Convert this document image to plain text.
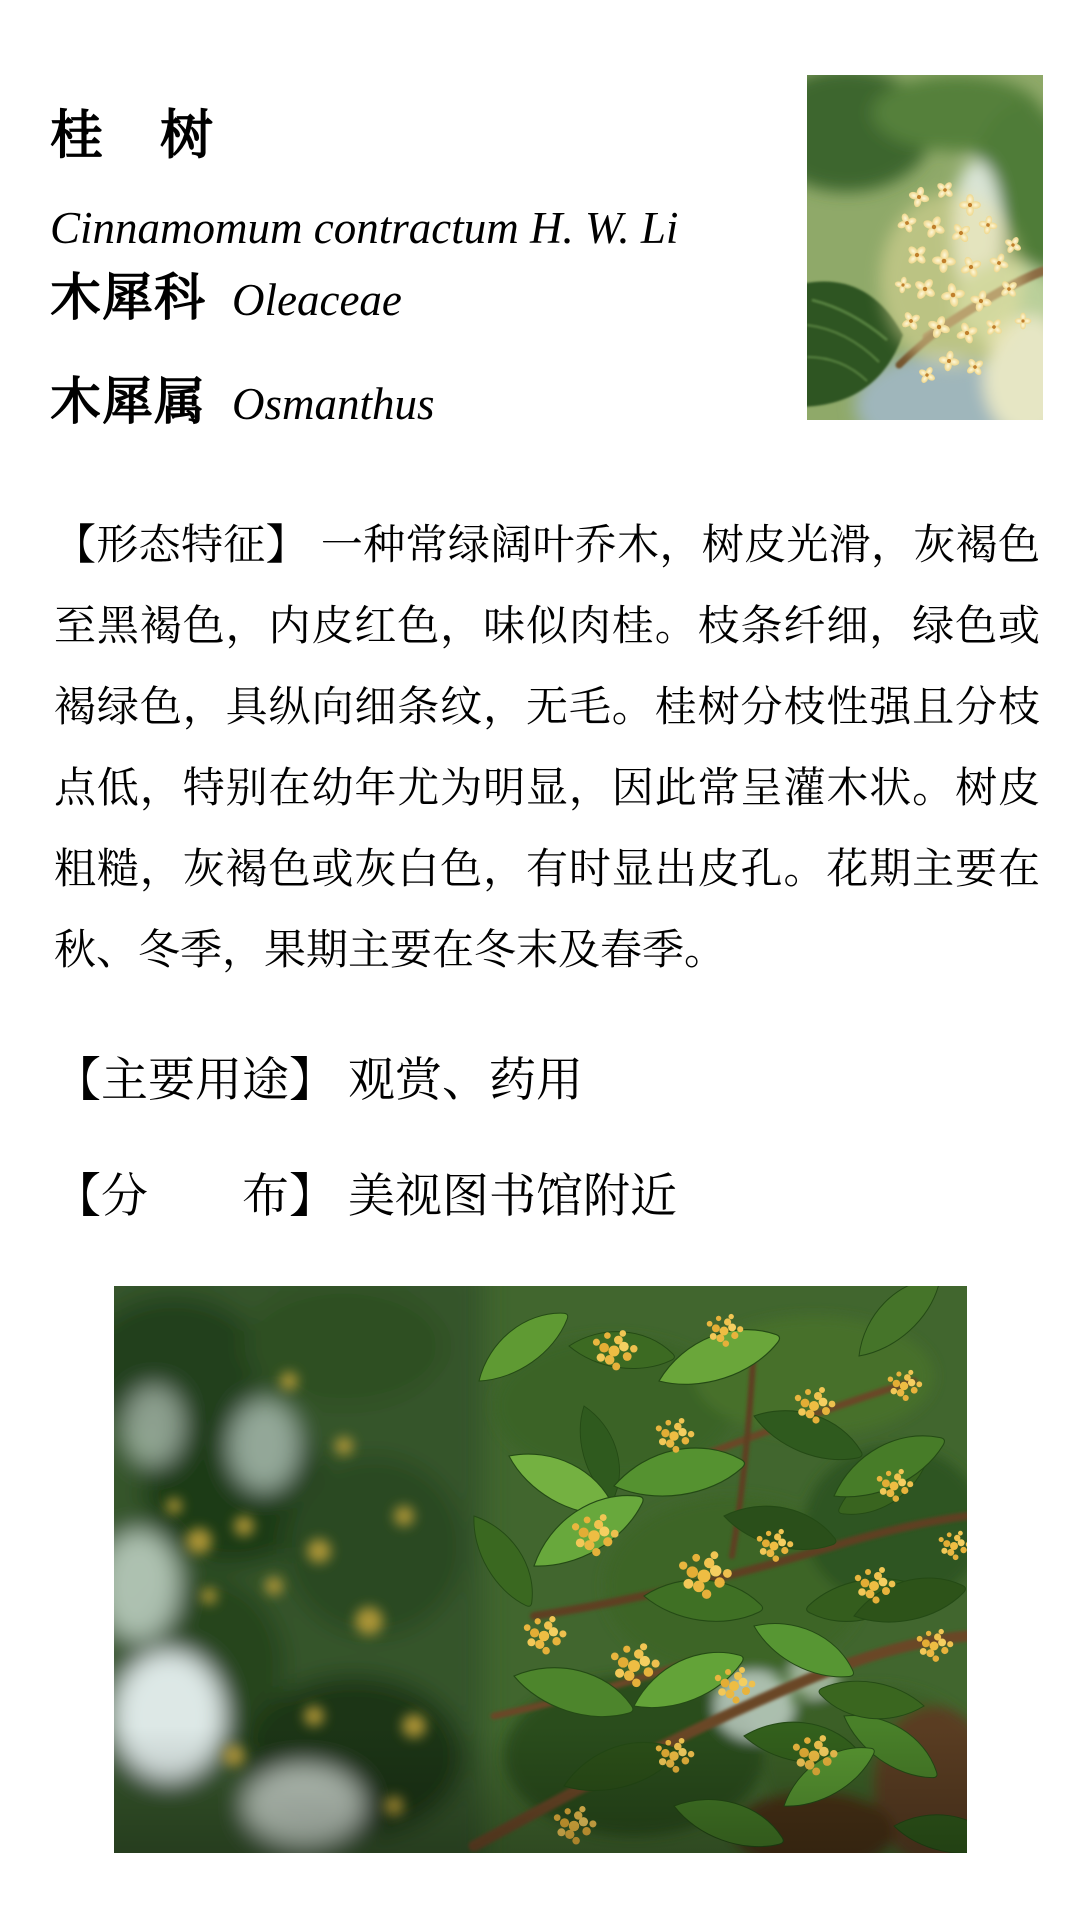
桂　树

Cinnamomum contractum H. W. Li

木犀科 Oleaceae
木犀属 Osmanthus

【形态特征】 一种常绿阔叶乔木，树皮光滑，灰褐色至黑褐色，内皮红色，味似肉桂。枝条纤细，绿色或褐绿色，具纵向细条纹，无毛。桂树分枝性强且分枝点低，特别在幼年尤为明显，因此常呈灌木状。树皮粗糙，灰褐色或灰白色，有时显出皮孔。花期主要在秋、冬季，果期主要在冬末及春季。

【主要用途】 观赏、药用
【分　　布】 美视图书馆附近
